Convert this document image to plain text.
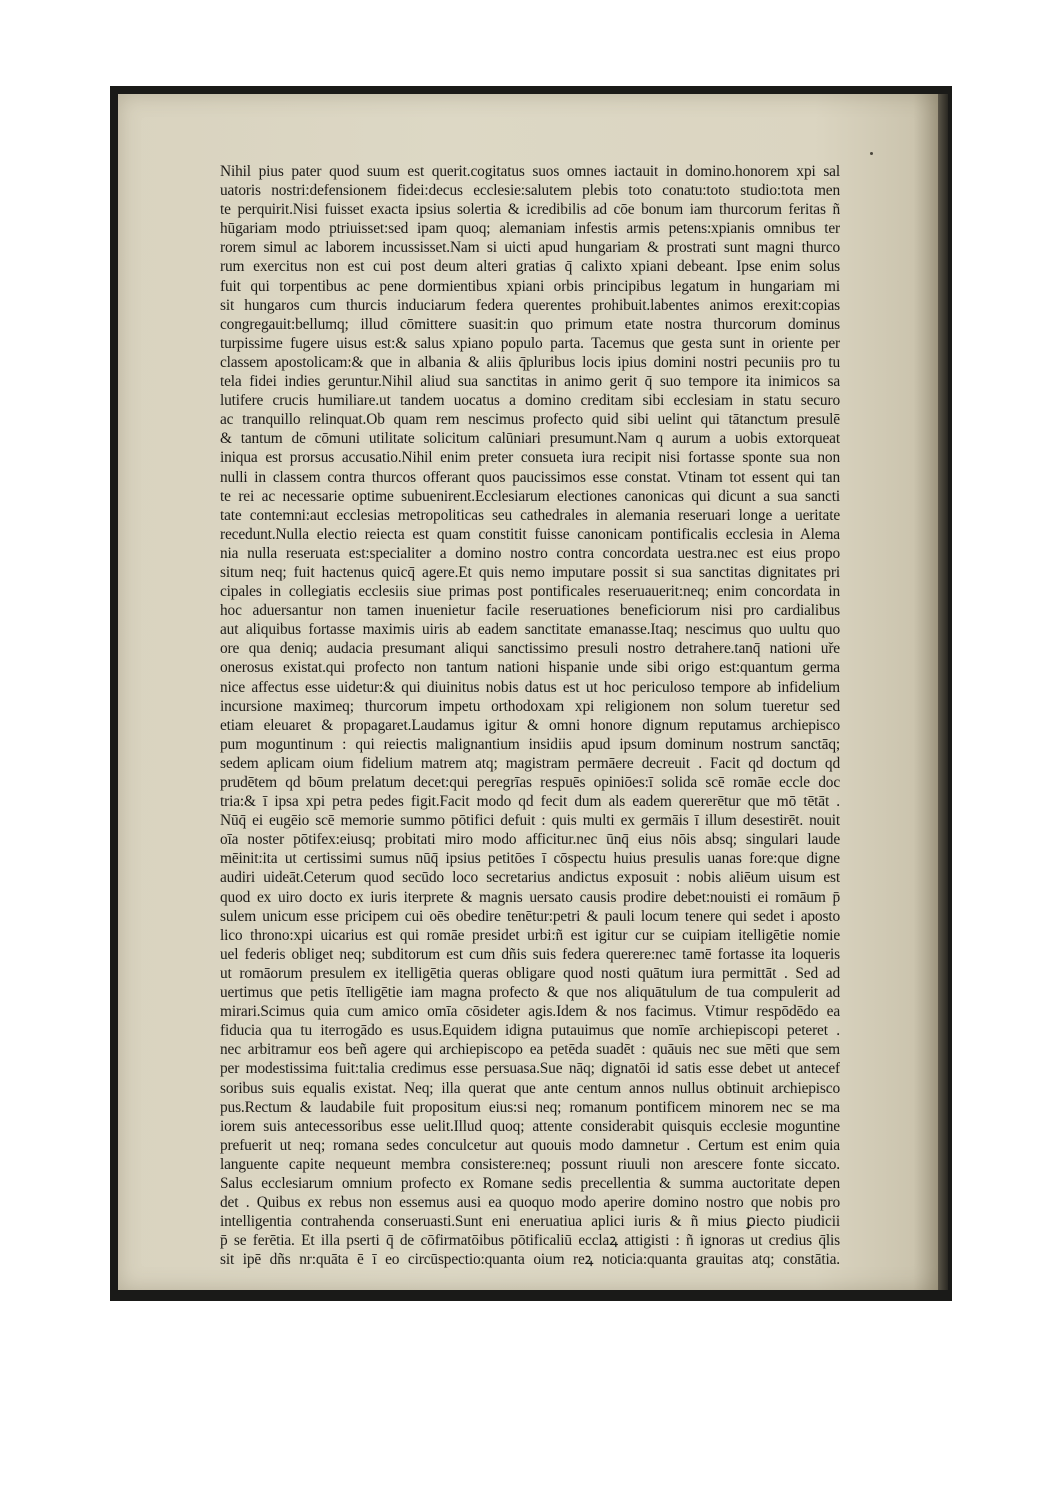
Nihil pius pater quod suum est querit.cogitatus suos omnes iactauit in domino.honorem xpi sal
uatoris nostri:defensionem fidei:decus ecclesie:salutem plebis toto conatu:toto studio:tota men
te perquirit.Nisi fuisset exacta ipsius solertia & icredibilis ad cōe bonum iam thurcorum feritas ñ
hūgariam modo ptriuisset:sed ipam quoq; alemaniam infestis armis petens:xpianis omnibus ter
rorem simul ac laborem incussisset.Nam si uicti apud hungariam & prostrati sunt magni thurco
rum exercitus non est cui post deum alteri gratias q̄ calixto xpiani debeant. Ipse enim solus
fuit qui torpentibus ac pene dormientibus xpiani orbis principibus legatum in hungariam mi
sit hungaros cum thurcis induciarum federa querentes prohibuit.labentes animos erexit:copias
congregauit:bellumq; illud cōmittere suasit:in quo primum etate nostra thurcorum dominus
turpissime fugere uisus est:& salus xpiano populo parta. Tacemus que gesta sunt in oriente per
classem apostolicam:& que in albania & aliis q̄pluribus locis ipius domini nostri pecuniis pro tu
tela fidei indies geruntur.Nihil aliud sua sanctitas in animo gerit q̄ suo tempore ita inimicos sa
lutifere crucis humiliare.ut tandem uocatus a domino creditam sibi ecclesiam in statu securo
ac tranquillo relinquat.Ob quam rem nescimus profecto quid sibi uelint qui tātanctum presulē
& tantum de cōmuni utilitate solicitum calūniari presumunt.Nam q aurum a uobis extorqueat
iniqua est prorsus accusatio.Nihil enim preter consueta iura recipit nisi fortasse sponte sua non
nulli in classem contra thurcos offerant quos paucissimos esse constat. Vtinam tot essent qui tan
te rei ac necessarie optime subuenirent.Ecclesiarum electiones canonicas qui dicunt a sua sancti
tate contemni:aut ecclesias metropoliticas seu cathedrales in alemania reseruari longe a ueritate
recedunt.Nulla electio reiecta est quam constitit fuisse canonicam pontificalis ecclesia in Alema
nia nulla reseruata est:specialiter a domino nostro contra concordata uestra.nec est eius propo
situm neq; fuit hactenus quicq̄ agere.Et quis nemo imputare possit si sua sanctitas dignitates pri
cipales in collegiatis ecclesiis siue primas post pontificales reseruauerit:neq; enim concordata in
hoc aduersantur non tamen inuenietur facile reseruationes beneficiorum nisi pro cardialibus
aut aliquibus fortasse maximis uiris ab eadem sanctitate emanasse.Itaq; nescimus quo uultu quo
ore qua deniq; audacia presumant aliqui sanctissimo presuli nostro detrahere.tanq̄ nationi uře
onerosus existat.qui profecto non tantum nationi hispanie unde sibi origo est:quantum germa
nice affectus esse uidetur:& qui diuinitus nobis datus est ut hoc periculoso tempore ab infidelium
incursione maximeq; thurcorum impetu orthodoxam xpi religionem non solum tueretur sed
etiam eleuaret & propagaret.Laudamus igitur & omni honore dignum reputamus archiepisco
pum moguntinum : qui reiectis malignantium insidiis apud ipsum dominum nostrum sanctāq;
sedem aplicam oium fidelium matrem atq; magistram permāere decreuit . Facit qd doctum qd
prudētem qd bōum prelatum decet:qui peregrīas respuēs opiniōes:ī solida scē romāe eccle doc
tria:& ī ipsa xpi petra pedes figit.Facit modo qd fecit dum als eadem quererētur que mō tētāt .
Nūq̄ ei eugēio scē memorie summo pōtifici defuit : quis multi ex germāis ī illum desestirēt. nouit
oīa noster pōtifex:eiusq; probitati miro modo afficitur.nec ūnq̄ eius nōis absq; singulari laude
mēinit:ita ut certissimi sumus nūq̄ ipsius petitōes ī cōspectu huius presulis uanas fore:que digne
audiri uideāt.Ceterum quod secūdo loco secretarius andictus exposuit : nobis aliēum uisum est
quod ex uiro docto ex iuris iterprete & magnis uersato causis prodire debet:nouisti ei romāum p̄
sulem unicum esse pricipem cui oēs obedire tenētur:petri & pauli locum tenere qui sedet i aposto
lico throno:xpi uicarius est qui romāe presidet urbi:ñ est igitur cur se cuipiam itelligētie nomie
uel federis obliget neq; subditorum est cum dñis suis federa querere:nec tamē fortasse ita loqueris
ut romāorum presulem ex itelligētia queras obligare quod nosti quātum iura permittāt . Sed ad
uertimus que petis ītelligētie iam magna profecto & que nos aliquātulum de tua compulerit ad
mirari.Scimus quia cum amico omīa cōsideter agis.Idem & nos facimus. Vtimur respōdēdo ea
fiducia qua tu iterrogādo es usus.Equidem idigna putauimus que nomīe archiepiscopi peteret .
nec arbitramur eos beñ agere qui archiepiscopo ea petēda suadēt : quāuis nec sue mēti que sem
per modestissima fuit:talia credimus esse persuasa.Sue nāq; dignatōi id satis esse debet ut antecef
soribus suis equalis existat. Neq; illa querat que ante centum annos nullus obtinuit archiepisco
pus.Rectum & laudabile fuit propositum eius:si neq; romanum pontificem minorem nec se ma
iorem suis antecessoribus esse uelit.Illud quoq; attente considerabit quisquis ecclesie moguntine
prefuerit ut neq; romana sedes conculcetur aut quouis modo damnetur . Certum est enim quia
languente capite nequeunt membra consistere:neq; possunt riuuli non arescere fonte siccato.
Salus ecclesiarum omnium profecto ex Romane sedis precellentia & summa auctoritate depen
det . Quibus ex rebus non essemus ausi ea quoquo modo aperire domino nostro que nobis pro
intelligentia contrahenda conseruasti.Sunt eni eneruatiua aplici iuris & ñ mius ꝑiecto piudicii
p̄ se ferētia. Et illa pserti q̄ de cōfirmatōibus pōtificaliū ecclaꝝ attigisti : ñ ignoras ut credius q̄lis
sit ipē dñs nr:quāta ē ī eo circūspectio:quanta oium reꝝ noticia:quanta grauitas atq; constātia.
